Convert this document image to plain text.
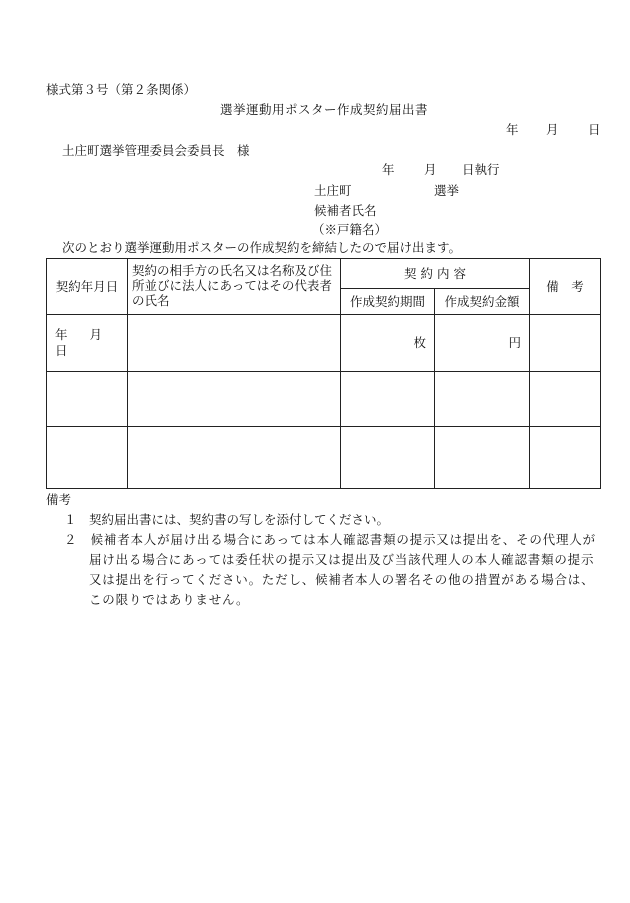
様式第３号（第２条関係）
選挙運動用ポスター作成契約届出書
年 月 日
土庄町選挙管理委員会委員長　様
年 月 日執行
土庄町	選挙
候補者氏名
（※戸籍名）
次のとおり選挙運動用ポスターの作成契約を締結したので届け出ます。
契約年月日	契約の相手方の氏名又は名称及び住所並びに法人にあってはその代表者の氏名	契 約 内 容		備　考
		作成契約期間	作成契約金額	
年 月日		枚	円	

備考
１　契約届出書には、契約書の写しを添付してください。
２　候補者本人が届け出る場合にあっては本人確認書類の提示又は提出を、その代理人が届け出る場合にあっては委任状の提示又は提出及び当該代理人の本人確認書類の提示又は提出を行ってください。ただし、候補者本人の署名その他の措置がある場合は、この限りではありません。
